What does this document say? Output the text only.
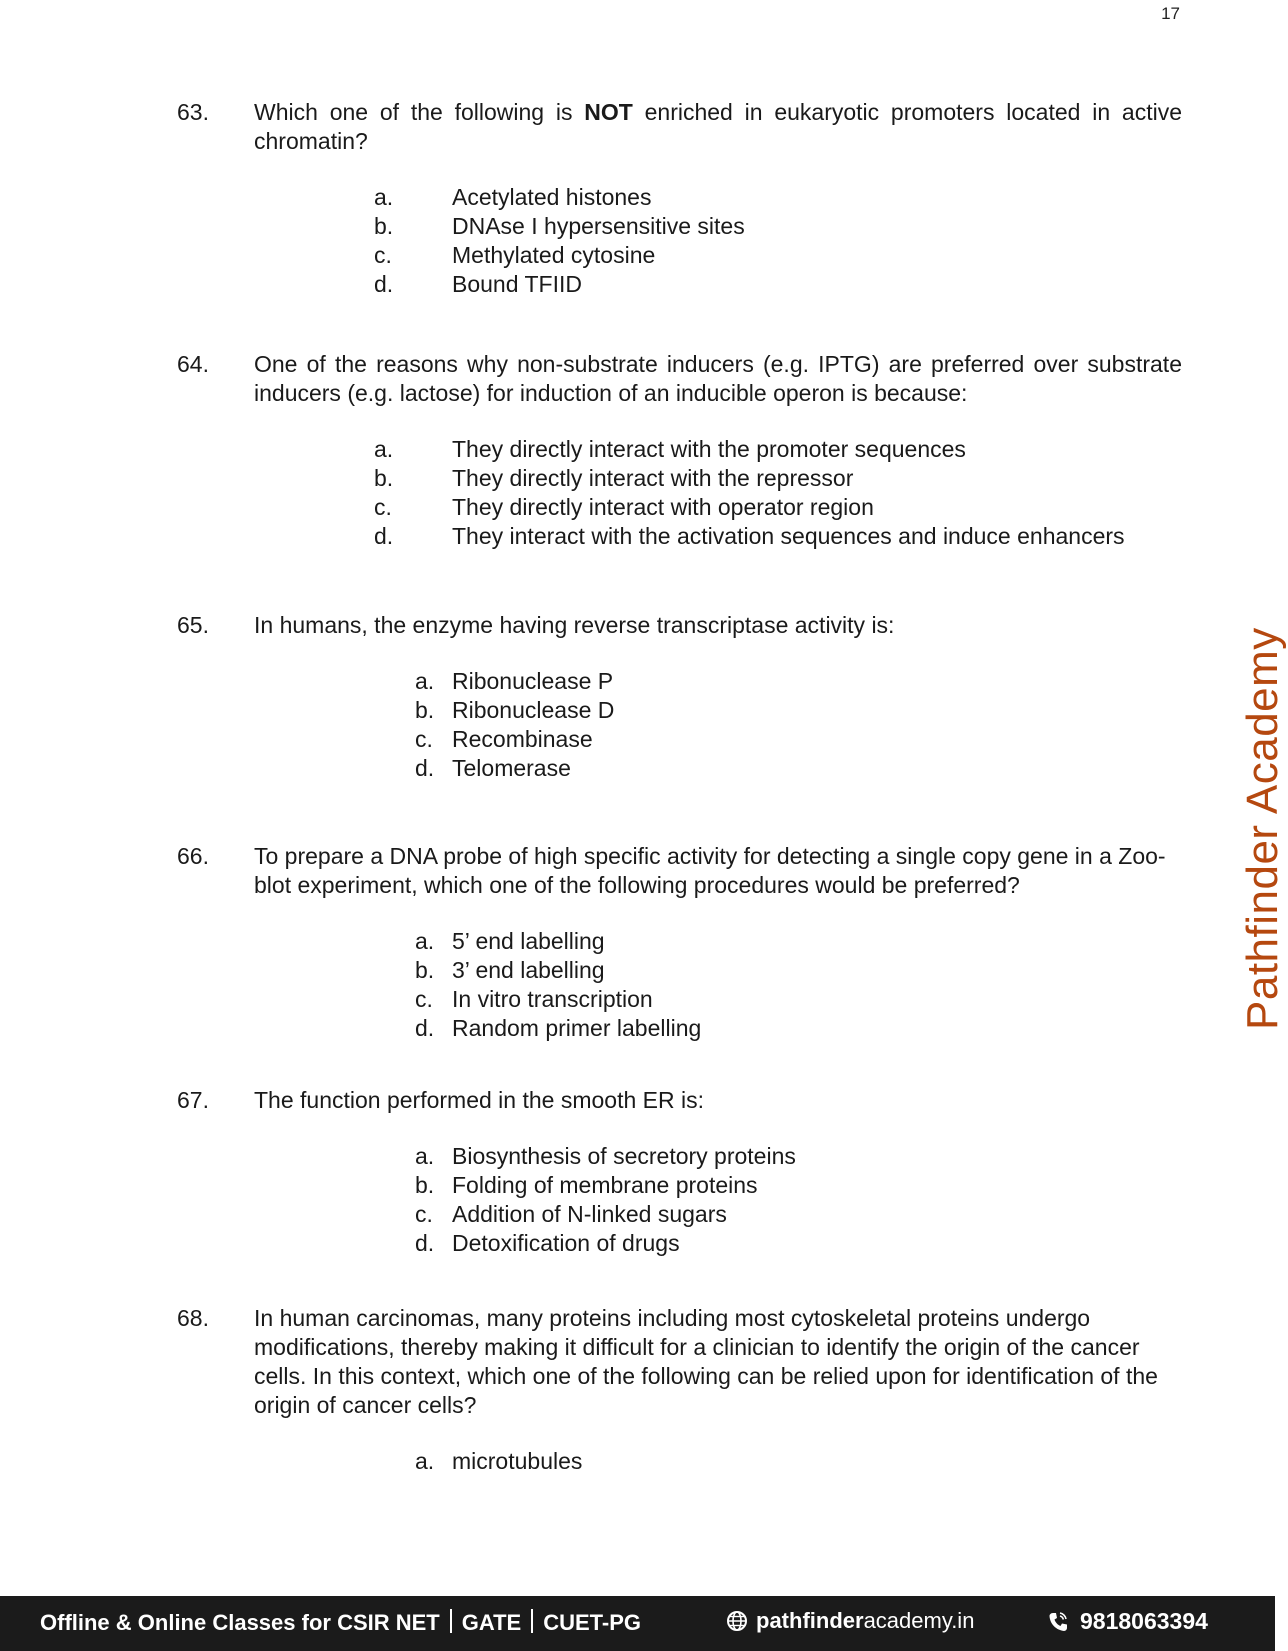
17
63. Which one of the following is NOT enriched in eukaryotic promoters located in active chromatin?
a.	Acetylated histones
b.	DNAse I hypersensitive sites
c.	Methylated cytosine
d.	Bound TFIID
64. One of the reasons why non-substrate inducers (e.g. IPTG) are preferred over substrate inducers (e.g. lactose) for induction of an inducible operon is because:
a.	They directly interact with the promoter sequences
b.	They directly interact with the repressor
c.	They directly interact with operator region
d.	They interact with the activation sequences and induce enhancers
65. In humans, the enzyme having reverse transcriptase activity is:
a. Ribonuclease P
b. Ribonuclease D
c. Recombinase
d. Telomerase
66. To prepare a DNA probe of high specific activity for detecting a single copy gene in a Zoo-blot experiment, which one of the following procedures would be preferred?
a. 5’ end labelling
b. 3’ end labelling
c. In vitro transcription
d. Random primer labelling
67. The function performed in the smooth ER is:
a. Biosynthesis of secretory proteins
b. Folding of membrane proteins
c. Addition of N-linked sugars
d. Detoxification of drugs
68. In human carcinomas, many proteins including most cytoskeletal proteins undergo modifications, thereby making it difficult for a clinician to identify the origin of the cancer cells. In this context, which one of the following can be relied upon for identification of the origin of cancer cells?
a. microtubules
Pathfinder Academy
Offline & Online Classes for CSIR NET GATE CUET-PG	pathfinderacademy.in	9818063394
